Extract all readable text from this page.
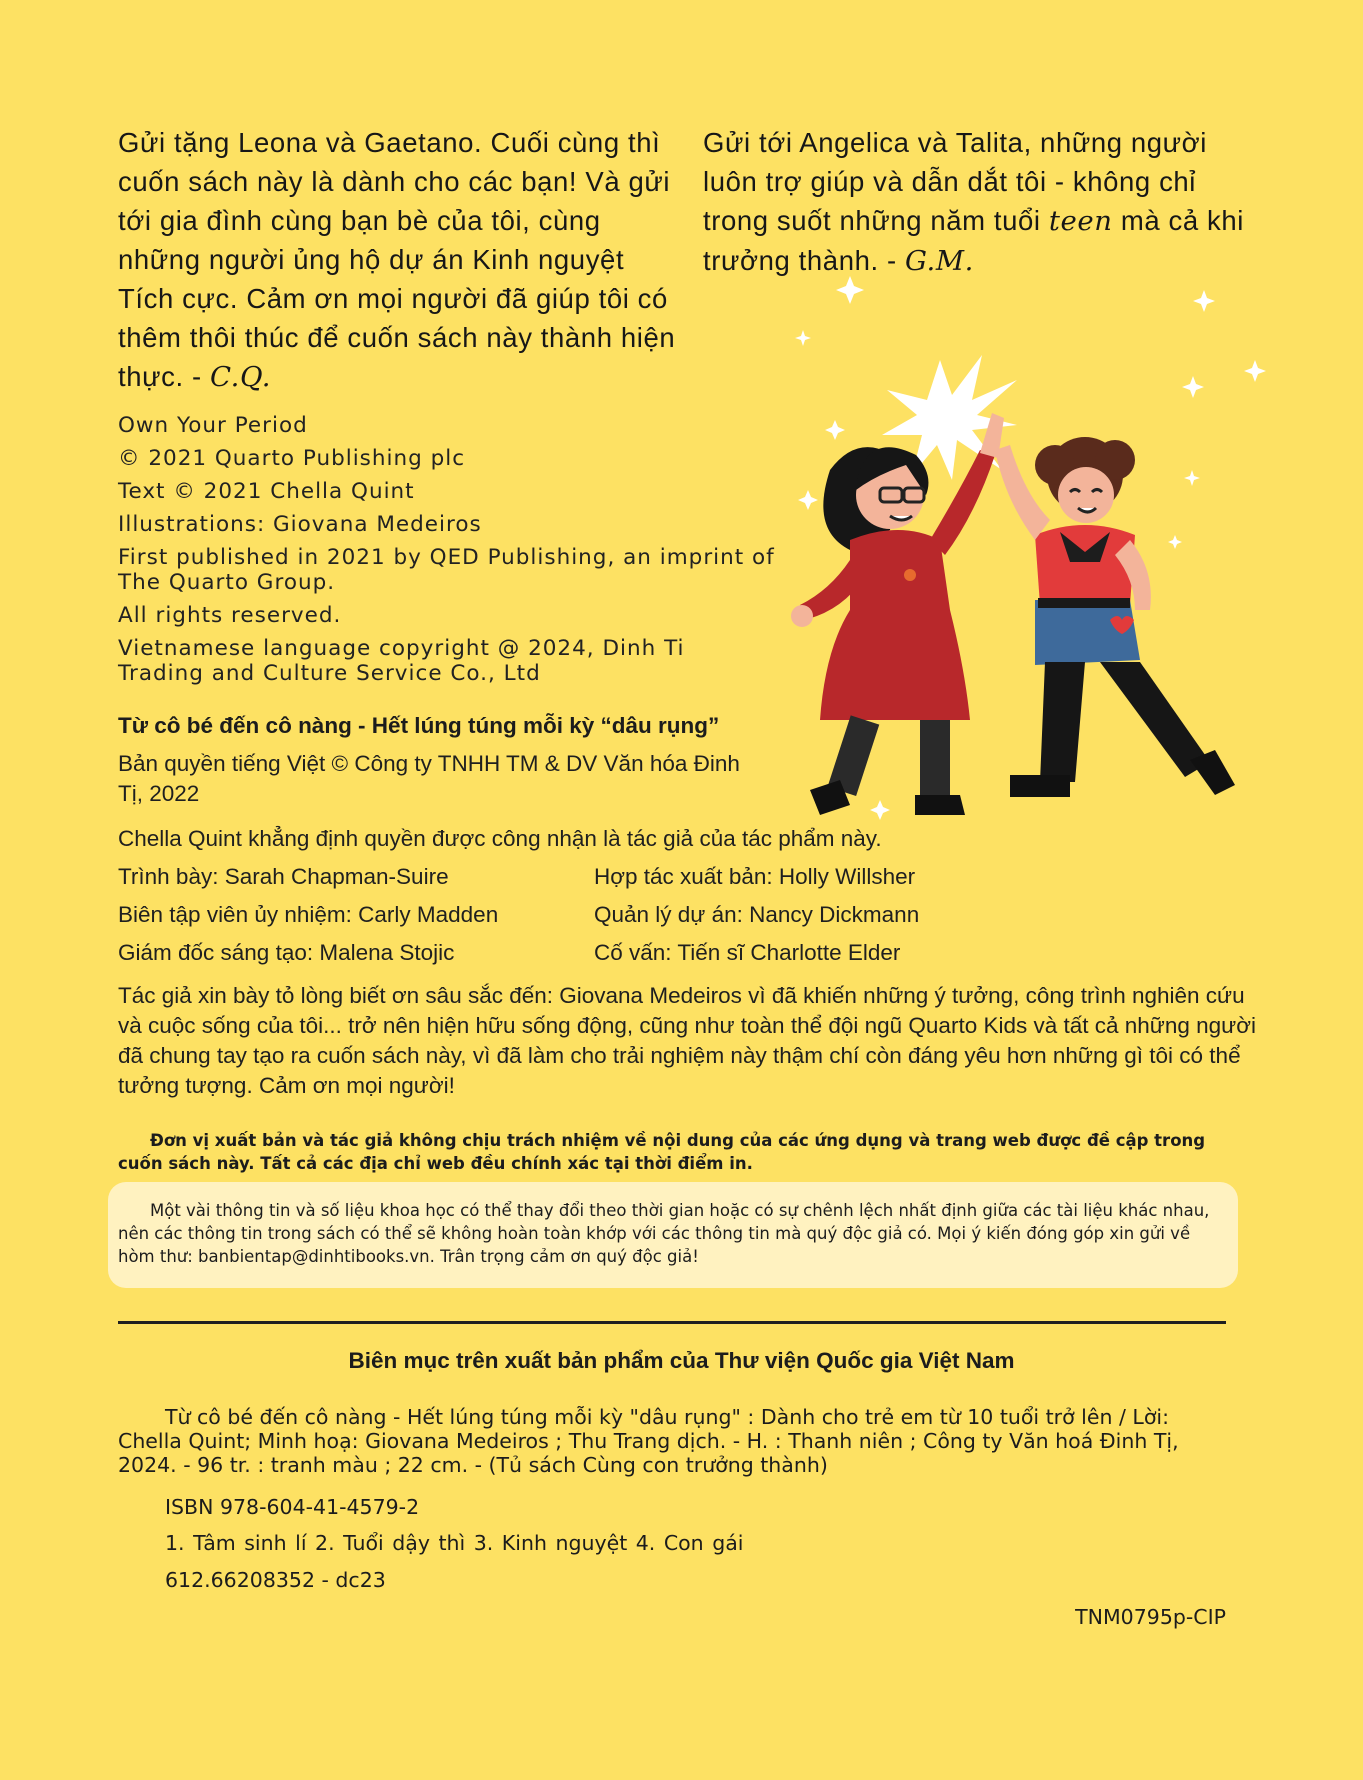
Gửi tặng Leona và Gaetano. Cuối cùng thì cuốn sách này là dành cho các bạn! Và gửi tới gia đình cùng bạn bè của tôi, cùng những người ủng hộ dự án Kinh nguyệt Tích cực. Cảm ơn mọi người đã giúp tôi có thêm thôi thúc để cuốn sách này thành hiện thực. - C.Q.

Gửi tới Angelica và Talita, những người luôn trợ giúp và dẫn dắt tôi - không chỉ trong suốt những năm tuổi teen mà cả khi trưởng thành. - G.M.

Own Your Period
© 2021 Quarto Publishing plc
Text © 2021 Chella Quint
Illustrations: Giovana Medeiros
First published in 2021 by QED Publishing, an imprint of The Quarto Group.
All rights reserved.
Vietnamese language copyright @ 2024, Dinh Ti Trading and Culture Service Co., Ltd
Từ cô bé đến cô nàng - Hết lúng túng mỗi kỳ “dâu rụng”
Bản quyền tiếng Việt © Công ty TNHH TM & DV Văn hóa Đinh Tị, 2022
Chella Quint khẳng định quyền được công nhận là tác giả của tác phẩm này.
Trình bày: Sarah Chapman-Suire
Biên tập viên ủy nhiệm: Carly Madden
Giám đốc sáng tạo: Malena Stojic
Hợp tác xuất bản: Holly Willsher
Quản lý dự án: Nancy Dickmann
Cố vấn: Tiến sĩ Charlotte Elder
Tác giả xin bày tỏ lòng biết ơn sâu sắc đến: Giovana Medeiros vì đã khiến những ý tưởng, công trình nghiên cứu và cuộc sống của tôi... trở nên hiện hữu sống động, cũng như toàn thể đội ngũ Quarto Kids và tất cả những người đã chung tay tạo ra cuốn sách này, vì đã làm cho trải nghiệm này thậm chí còn đáng yêu hơn những gì tôi có thể tưởng tượng. Cảm ơn mọi người!
Đơn vị xuất bản và tác giả không chịu trách nhiệm về nội dung của các ứng dụng và trang web được đề cập trong cuốn sách này. Tất cả các địa chỉ web đều chính xác tại thời điểm in.
Một vài thông tin và số liệu khoa học có thể thay đổi theo thời gian hoặc có sự chênh lệch nhất định giữa các tài liệu khác nhau, nên các thông tin trong sách có thể sẽ không hoàn toàn khớp với các thông tin mà quý độc giả có. Mọi ý kiến đóng góp xin gửi về hòm thư: banbientap@dinhtibooks.vn. Trân trọng cảm ơn quý độc giả!
Biên mục trên xuất bản phẩm của Thư viện Quốc gia Việt Nam
Từ cô bé đến cô nàng - Hết lúng túng mỗi kỳ "dâu rụng" : Dành cho trẻ em từ 10 tuổi trở lên / Lời: Chella Quint; Minh hoạ: Giovana Medeiros ; Thu Trang dịch. - H. : Thanh niên ; Công ty Văn hoá Đinh Tị, 2024. - 96 tr. : tranh màu ; 22 cm. - (Tủ sách Cùng con trưởng thành)
ISBN 978-604-41-4579-2
1. Tâm sinh lí 2. Tuổi dậy thì 3. Kinh nguyệt 4. Con gái
612.66208352 - dc23
TNM0795p-CIP
